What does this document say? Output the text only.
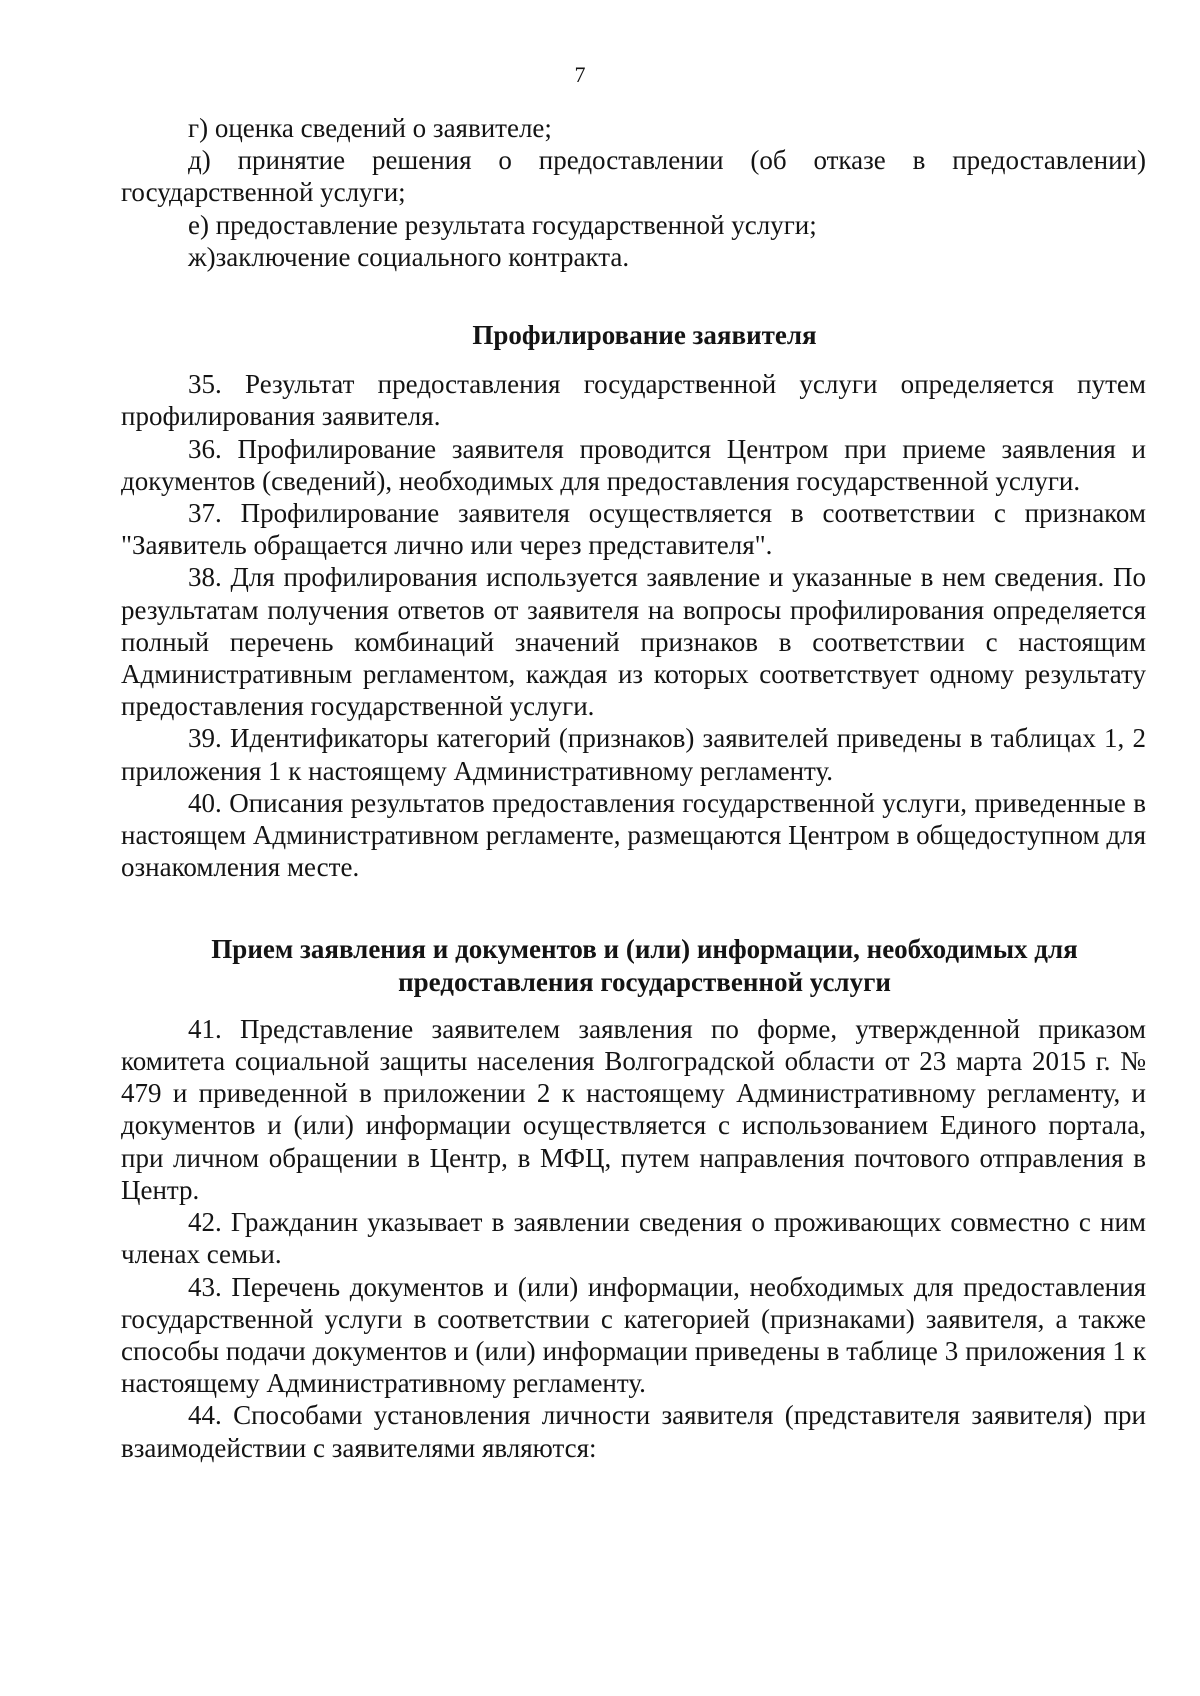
7

г) оценка сведений о заявителе;

д) принятие решения о предоставлении (об отказе в предоставлении) государственной услуги;

е) предоставление результата государственной услуги;

ж)заключение социального контракта.

Профилирование заявителя

35. Результат предоставления государственной услуги определяется путем профилирования заявителя.

36. Профилирование заявителя проводится Центром при приеме заявления и документов (сведений), необходимых для предоставления государственной услуги.

37. Профилирование заявителя осуществляется в соответствии с признаком "Заявитель обращается лично или через представителя".

38. Для профилирования используется заявление и указанные в нем сведения. По результатам получения ответов от заявителя на вопросы профилирования определяется полный перечень комбинаций значений признаков в соответствии с настоящим Административным регламентом, каждая из которых соответствует одному результату предоставления государственной услуги.

39. Идентификаторы категорий (признаков) заявителей приведены в таблицах 1, 2 приложения 1 к настоящему Административному регламенту.

40. Описания результатов предоставления государственной услуги, приведенные в настоящем Административном регламенте, размещаются Центром в общедоступном для ознакомления месте.

Прием заявления и документов и (или) информации, необходимых для
предоставления государственной услуги

41. Представление заявителем заявления по форме, утвержденной приказом комитета социальной защиты населения Волгоградской области от 23 марта 2015 г. № 479 и приведенной в приложении 2 к настоящему Административному регламенту, и документов и (или) информации осуществляется с использованием Единого портала, при личном обращении в Центр, в МФЦ, путем направления почтового отправления в Центр.

42. Гражданин указывает в заявлении сведения о проживающих совместно с ним членах семьи.

43. Перечень документов и (или) информации, необходимых для предоставления государственной услуги в соответствии с категорией (признаками) заявителя, а также способы подачи документов и (или) информации приведены в таблице 3 приложения 1 к настоящему Административному регламенту.

44. Способами установления личности заявителя (представителя заявителя) при взаимодействии с заявителями являются:
